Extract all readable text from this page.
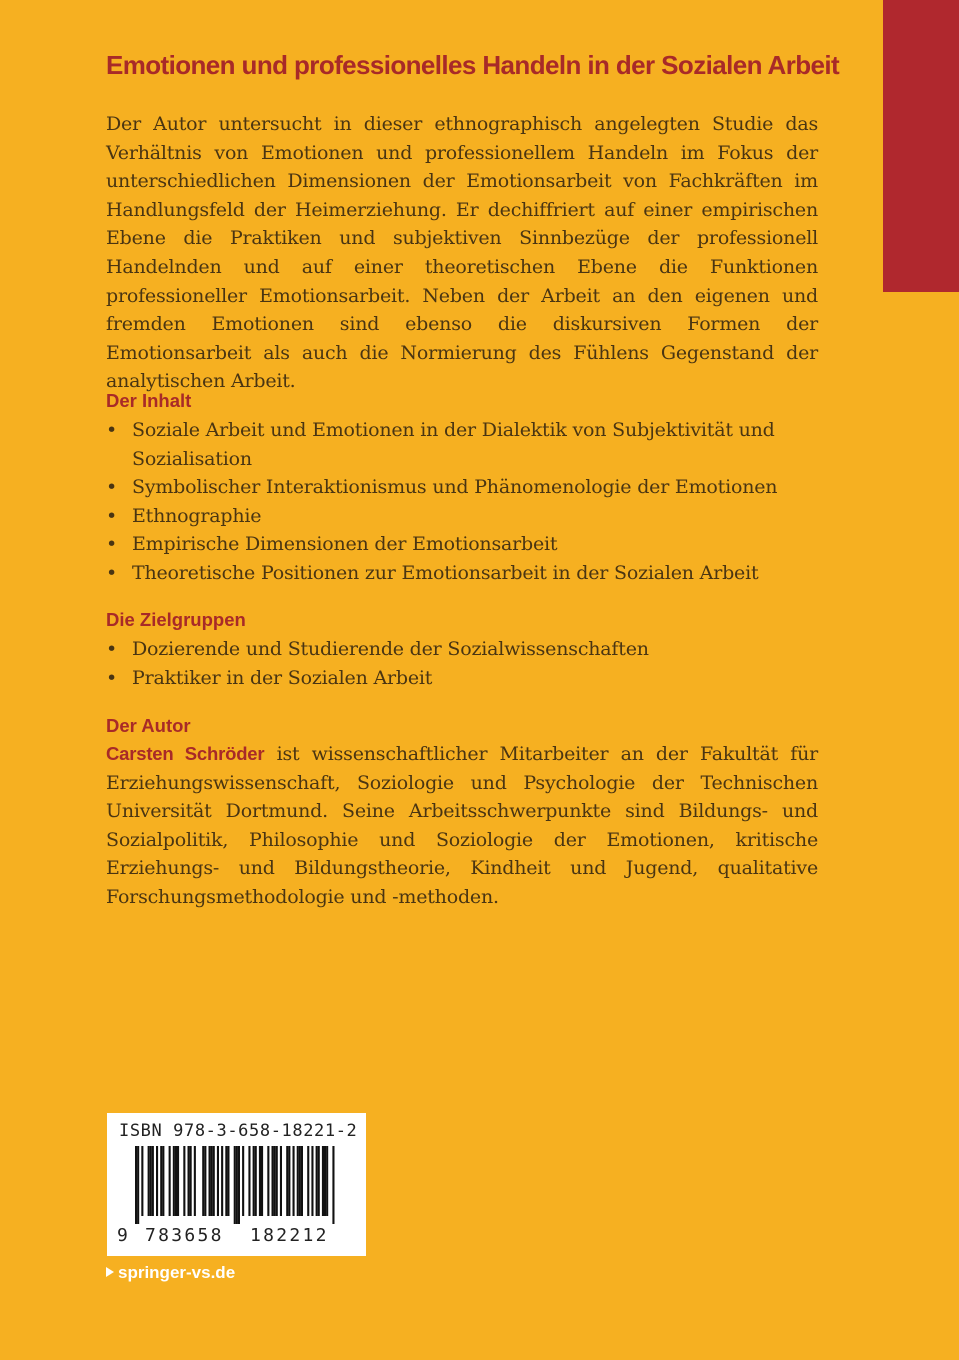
Emotionen und professionelles Handeln in der Sozialen Arbeit
Der Autor untersucht in dieser ethnographisch angelegten Studie das Verhältnis von Emotionen und professionellem Handeln im Fokus der unterschiedlichen Dimensionen der Emotionsarbeit von Fachkräften im Handlungsfeld der Heimerziehung. Er dechiffriert auf einer empirischen Ebene die Praktiken und subjektiven Sinnbezüge der professionell Handelnden und auf einer theoretischen Ebene die Funktionen professioneller Emotionsarbeit. Neben der Arbeit an den eigenen und fremden Emotionen sind ebenso die diskursiven Formen der Emotionsarbeit als auch die Normierung des Fühlens Gegenstand der analytischen Arbeit.
Der Inhalt
• Soziale Arbeit und Emotionen in der Dialektik von Subjektivität und Sozialisation
• Symbolischer Interaktionismus und Phänomenologie der Emotionen
• Ethnographie
• Empirische Dimensionen der Emotionsarbeit
• Theoretische Positionen zur Emotionsarbeit in der Sozialen Arbeit
Die Zielgruppen
• Dozierende und Studierende der Sozialwissenschaften
• Praktiker in der Sozialen Arbeit
Der Autor
Carsten Schröder ist wissenschaftlicher Mitarbeiter an der Fakultät für Erziehungswissenschaft, Soziologie und Psychologie der Technischen Universität Dortmund. Seine Arbeitsschwerpunkte sind Bildungs- und Sozialpolitik, Philosophie und Soziologie der Emotionen, kritische Erziehungs- und Bildungstheorie, Kindheit und Jugend, qualitative Forschungsmethodologie und -methoden.
ISBN 978-3-658-18221-2
9 783658 182212
springer-vs.de
